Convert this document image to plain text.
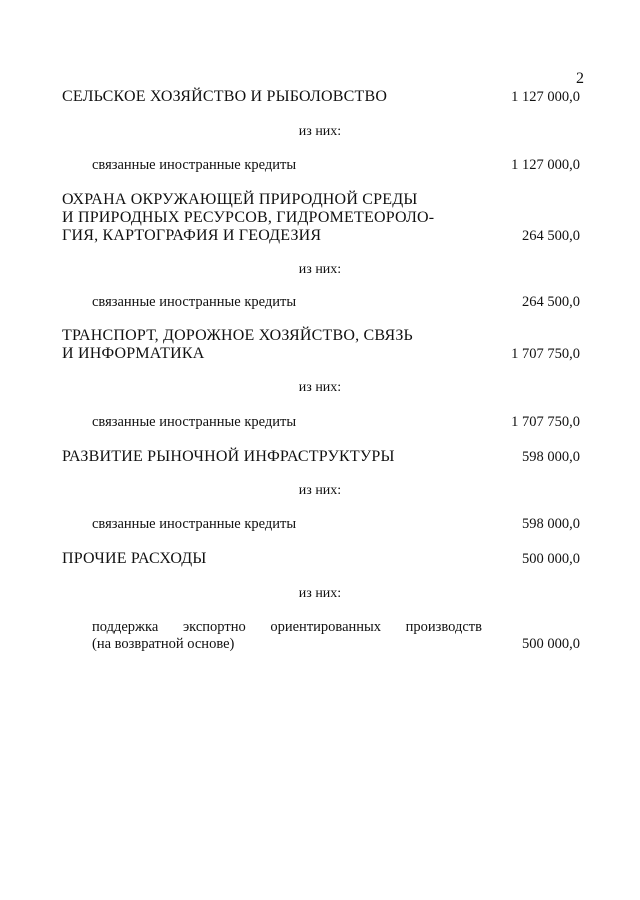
2
СЕЛЬСКОЕ ХОЗЯЙСТВО И РЫБОЛОВСТВО	1 127 000,0
из них:
связанные иностранные кредиты	1 127 000,0
ОХРАНА ОКРУЖАЮЩЕЙ ПРИРОДНОЙ СРЕДЫ
И ПРИРОДНЫХ РЕСУРСОВ, ГИДРОМЕТЕОРОЛО-
ГИЯ, КАРТОГРАФИЯ И ГЕОДЕЗИЯ	264 500,0
из них:
связанные иностранные кредиты	264 500,0
ТРАНСПОРТ, ДОРОЖНОЕ ХОЗЯЙСТВО, СВЯЗЬ
И ИНФОРМАТИКА	1 707 750,0
из них:
связанные иностранные кредиты	1 707 750,0
РАЗВИТИЕ РЫНОЧНОЙ ИНФРАСТРУКТУРЫ	598 000,0
из них:
связанные иностранные кредиты	598 000,0
ПРОЧИЕ РАСХОДЫ	500 000,0
из них:
поддержка экспортно ориентированных производств
(на возвратной основе)	500 000,0
